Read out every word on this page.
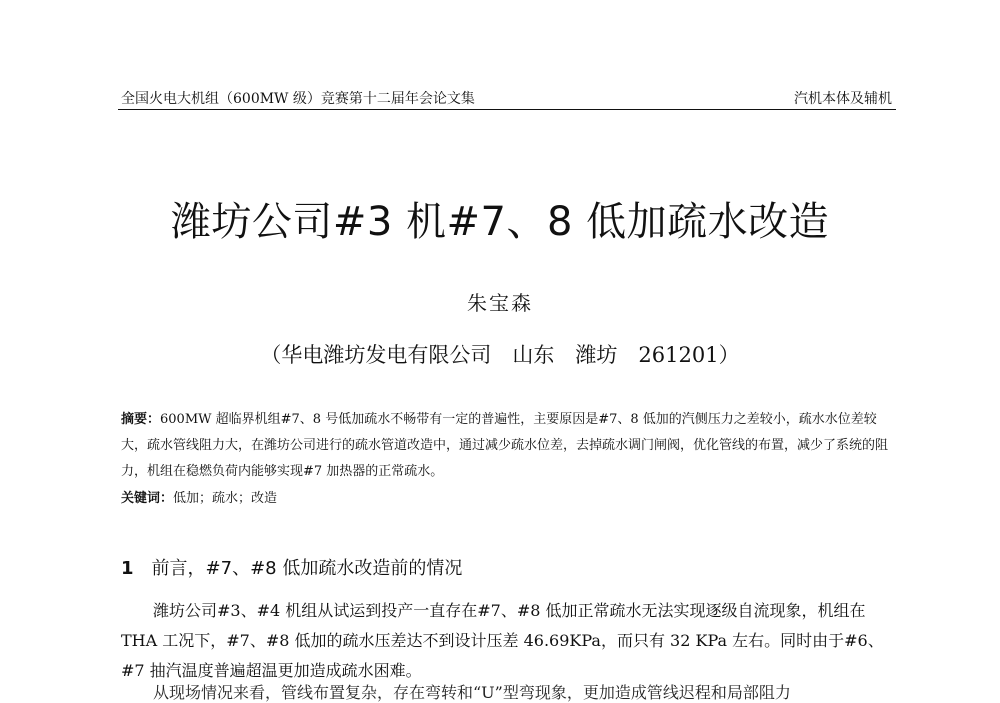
全国火电大机组（600MW 级）竞赛第十二届年会论文集	汽机本体及辅机
潍坊公司#3 机#7、8 低加疏水改造
朱宝森
（华电潍坊发电有限公司　山东　潍坊　261201）

摘要：600MW 超临界机组#7、8 号低加疏水不畅带有一定的普遍性，主要原因是#7、8 低加的汽侧压力之差较小，疏水水位差较大，疏水管线阻力大，在潍坊公司进行的疏水管道改造中，通过减少疏水位差，去掉疏水调门闸阀，优化管线的布置，减少了系统的阻力，机组在稳燃负荷内能够实现#7 加热器的正常疏水。

关键词：低加；疏水；改造
1 前言，#7、#8 低加疏水改造前的情况

潍坊公司#3、#4 机组从试运到投产一直存在#7、#8 低加正常疏水无法实现逐级自流现象，机组在 THA 工况下，#7、#8 低加的疏水压差达不到设计压差 46.69KPa，而只有 32 KPa 左右。同时由于#6、#7 抽汽温度普遍超温更加造成疏水困难。

从现场情况来看，管线布置复杂，存在弯转和“U”型弯现象，更加造成管线迟程和局部阻力
